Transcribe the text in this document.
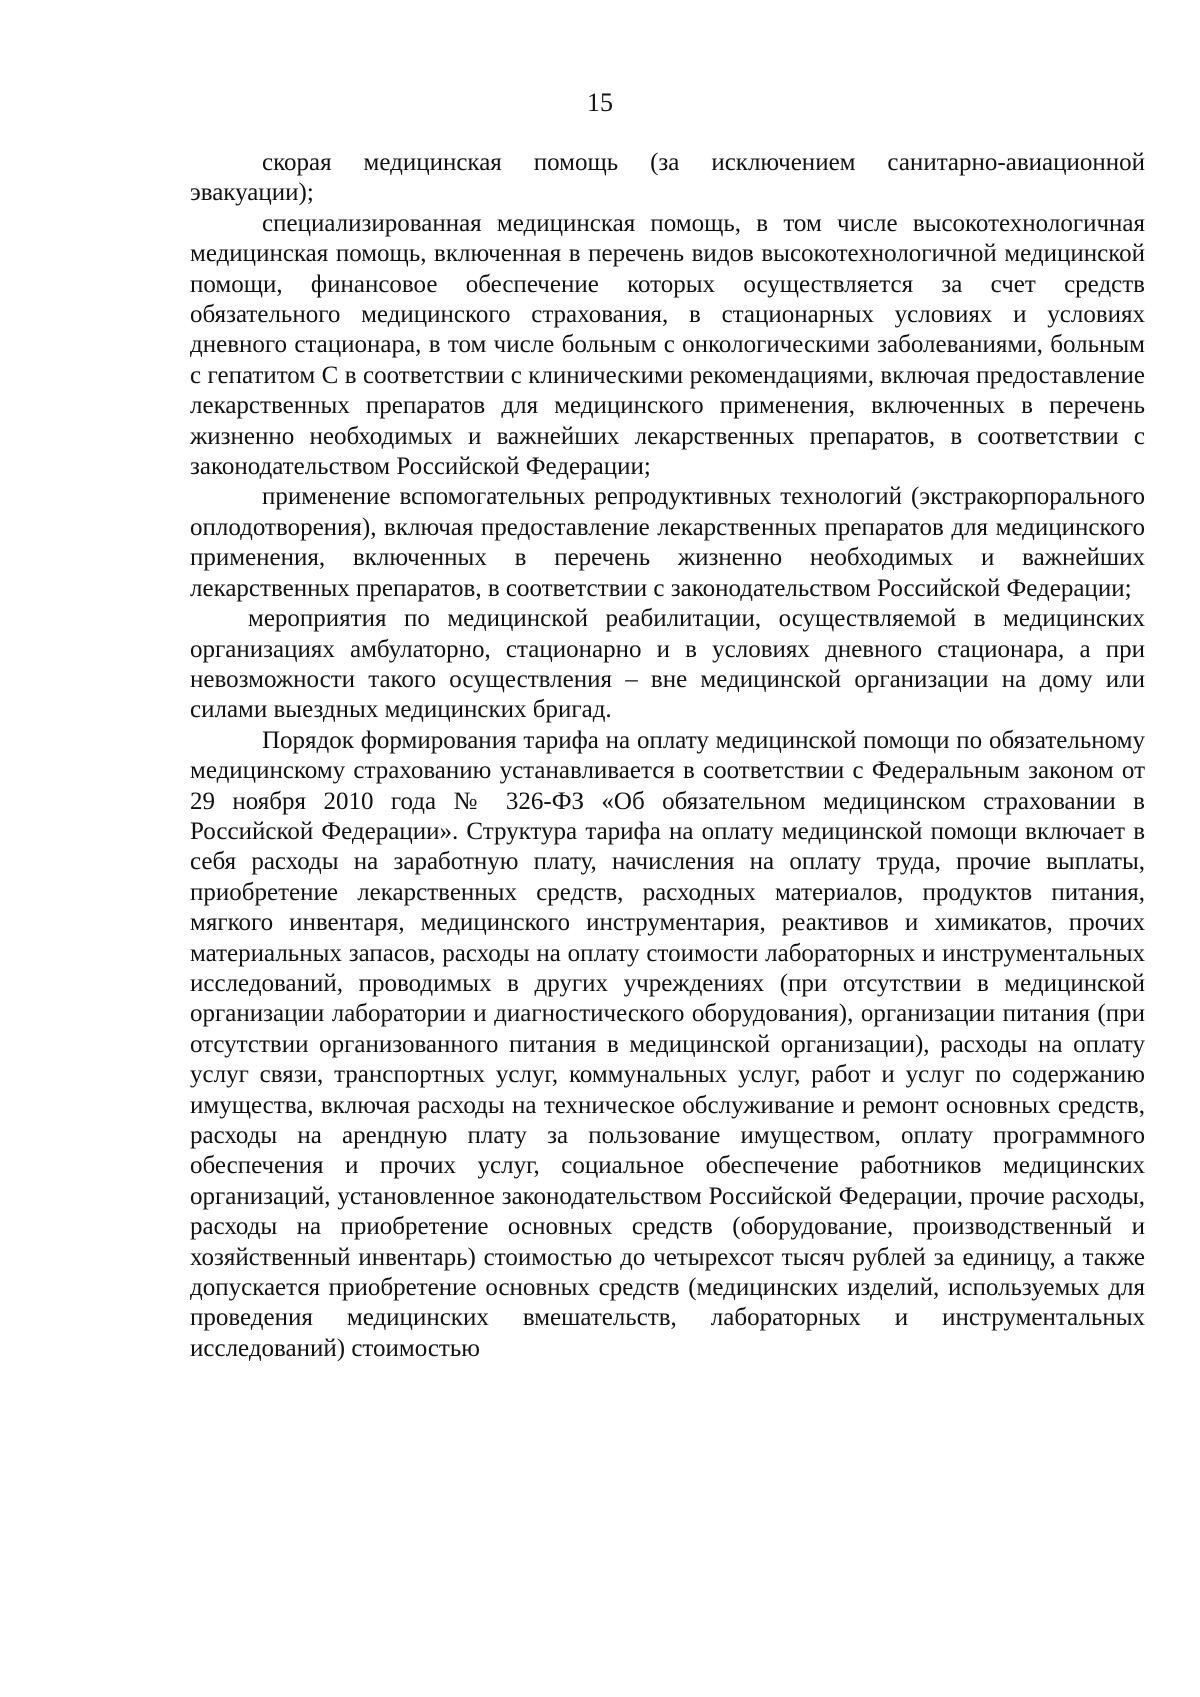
15

скорая медицинская помощь (за исключением санитарно-авиационной эвакуации);

специализированная медицинская помощь, в том числе высокотехнологичная медицинская помощь, включенная в перечень видов высокотехнологичной медицинской помощи, финансовое обеспечение которых осуществляется за счет средств обязательного медицинского страхования, в стационарных условиях и условиях дневного стационара, в том числе больным с онкологическими заболеваниями, больным с гепатитом С в соответствии с клиническими рекомендациями, включая предоставление лекарственных препаратов для медицинского применения, включенных в перечень жизненно необходимых и важнейших лекарственных препаратов, в соответствии с законодательством Российской Федерации;

применение вспомогательных репродуктивных технологий (экстракорпорального оплодотворения), включая предоставление лекарственных препаратов для медицинского применения, включенных в перечень жизненно необходимых и важнейших лекарственных препаратов, в соответствии с законодательством Российской Федерации;

мероприятия по медицинской реабилитации, осуществляемой в медицинских организациях амбулаторно, стационарно и в условиях дневного стационара, а при невозможности такого осуществления – вне медицинской организации на дому или силами выездных медицинских бригад.

Порядок формирования тарифа на оплату медицинской помощи по обязательному медицинскому страхованию устанавливается в соответствии с Федеральным законом от 29 ноября 2010 года № 326-ФЗ «Об обязательном медицинском страховании в Российской Федерации». Структура тарифа на оплату медицинской помощи включает в себя расходы на заработную плату, начисления на оплату труда, прочие выплаты, приобретение лекарственных средств, расходных материалов, продуктов питания, мягкого инвентаря, медицинского инструментария, реактивов и химикатов, прочих материальных запасов, расходы на оплату стоимости лабораторных и инструментальных исследований, проводимых в других учреждениях (при отсутствии в медицинской организации лаборатории и диагностического оборудования), организации питания (при отсутствии организованного питания в медицинской организации), расходы на оплату услуг связи, транспортных услуг, коммунальных услуг, работ и услуг по содержанию имущества, включая расходы на техническое обслуживание и ремонт основных средств, расходы на арендную плату за пользование имуществом, оплату программного обеспечения и прочих услуг, социальное обеспечение работников медицинских организаций, установленное законодательством Российской Федерации, прочие расходы, расходы на приобретение основных средств (оборудование, производственный и хозяйственный инвентарь) стоимостью до четырехсот тысяч рублей за единицу, а также допускается приобретение основных средств (медицинских изделий, используемых для проведения медицинских вмешательств, лабораторных и инструментальных исследований) стоимостью
